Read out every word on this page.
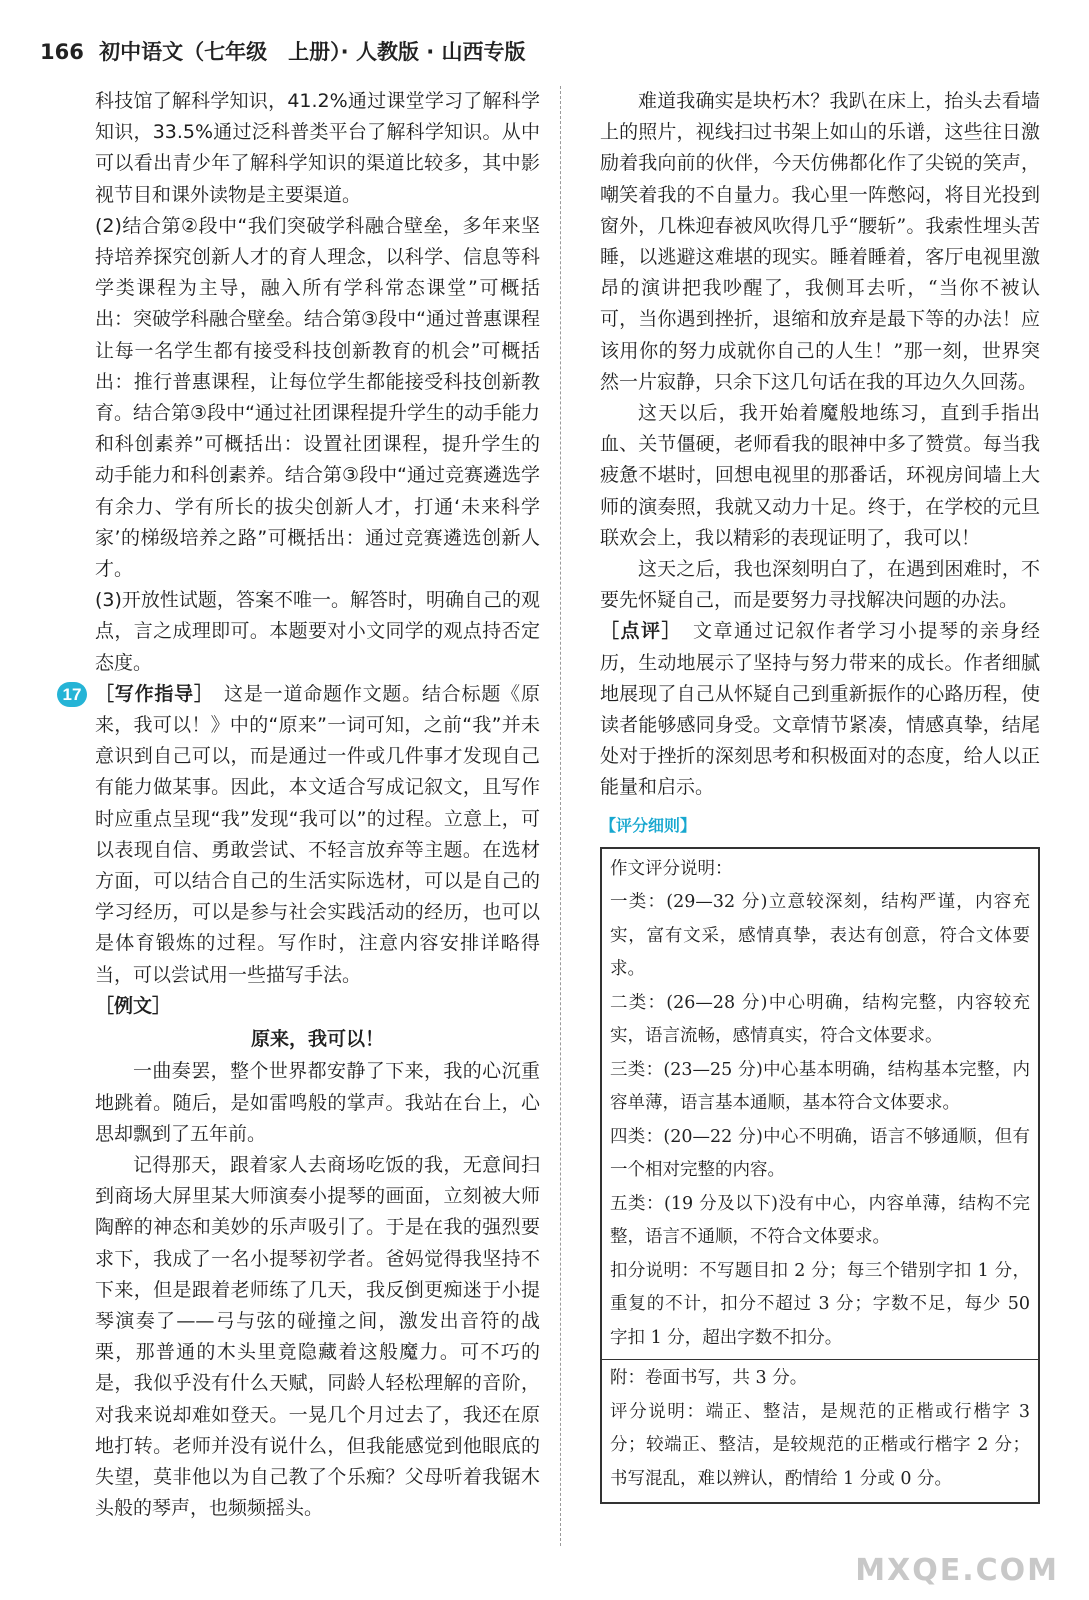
166 初中语文（七年级　上册）· 人教版 · 山西专版

科技馆了解科学知识，41.2%通过课堂学习了解科学知识，33.5%通过泛科普类平台了解科学知识。从中可以看出青少年了解科学知识的渠道比较多，其中影视节目和课外读物是主要渠道。

(2)结合第②段中“我们突破学科融合壁垒，多年来坚持培养探究创新人才的育人理念，以科学、信息等科学类课程为主导，融入所有学科常态课堂”可概括出：突破学科融合壁垒。结合第③段中“通过普惠课程让每一名学生都有接受科技创新教育的机会”可概括出：推行普惠课程，让每位学生都能接受科技创新教育。结合第③段中“通过社团课程提升学生的动手能力和科创素养”可概括出：设置社团课程，提升学生的动手能力和科创素养。结合第③段中“通过竞赛遴选学有余力、学有所长的拔尖创新人才，打通‘未来科学家’的梯级培养之路”可概括出：通过竞赛遴选创新人才。

(3)开放性试题，答案不唯一。解答时，明确自己的观点，言之成理即可。本题要对小文同学的观点持否定态度。

17 ［写作指导］　这是一道命题作文题。结合标题《原来，我可以！》中的“原来”一词可知，之前“我”并未意识到自己可以，而是通过一件或几件事才发现自己有能力做某事。因此，本文适合写成记叙文，且写作时应重点呈现“我”发现“我可以”的过程。立意上，可以表现自信、勇敢尝试、不轻言放弃等主题。在选材方面，可以结合自己的生活实际选材，可以是自己的学习经历，可以是参与社会实践活动的经历，也可以是体育锻炼的过程。写作时，注意内容安排详略得当，可以尝试用一些描写手法。

［例文］

原来，我可以！

一曲奏罢，整个世界都安静了下来，我的心沉重地跳着。随后，是如雷鸣般的掌声。我站在台上，心思却飘到了五年前。

记得那天，跟着家人去商场吃饭的我，无意间扫到商场大屏里某大师演奏小提琴的画面，立刻被大师陶醉的神态和美妙的乐声吸引了。于是在我的强烈要求下，我成了一名小提琴初学者。爸妈觉得我坚持不下来，但是跟着老师练了几天，我反倒更痴迷于小提琴演奏了——弓与弦的碰撞之间，激发出音符的战栗，那普通的木头里竟隐藏着这般魔力。可不巧的是，我似乎没有什么天赋，同龄人轻松理解的音阶，对我来说却难如登天。一晃几个月过去了，我还在原地打转。老师并没有说什么，但我能感觉到他眼底的失望，莫非他以为自己教了个乐痴？父母听着我锯木头般的琴声，也频频摇头。

难道我确实是块朽木？我趴在床上，抬头去看墙上的照片，视线扫过书架上如山的乐谱，这些往日激励着我向前的伙伴，今天仿佛都化作了尖锐的笑声，嘲笑着我的不自量力。我心里一阵憋闷，将目光投到窗外，几株迎春被风吹得几乎“腰斩”。我索性埋头苦睡，以逃避这难堪的现实。睡着睡着，客厅电视里激昂的演讲把我吵醒了，我侧耳去听，“当你不被认可，当你遇到挫折，退缩和放弃是最下等的办法！应该用你的努力成就你自己的人生！”那一刻，世界突然一片寂静，只余下这几句话在我的耳边久久回荡。

这天以后，我开始着魔般地练习，直到手指出血、关节僵硬，老师看我的眼神中多了赞赏。每当我疲惫不堪时，回想电视里的那番话，环视房间墙上大师的演奏照，我就又动力十足。终于，在学校的元旦联欢会上，我以精彩的表现证明了，我可以！

这天之后，我也深刻明白了，在遇到困难时，不要先怀疑自己，而是要努力寻找解决问题的办法。

［点评］　文章通过记叙作者学习小提琴的亲身经历，生动地展示了坚持与努力带来的成长。作者细腻地展现了自己从怀疑自己到重新振作的心路历程，使读者能够感同身受。文章情节紧凑，情感真挚，结尾处对于挫折的深刻思考和积极面对的态度，给人以正能量和启示。

【评分细则】

作文评分说明：

一类：(29—32 分)立意较深刻，结构严谨，内容充实，富有文采，感情真挚，表达有创意，符合文体要求。

二类：(26—28 分)中心明确，结构完整，内容较充实，语言流畅，感情真实，符合文体要求。

三类：(23—25 分)中心基本明确，结构基本完整，内容单薄，语言基本通顺，基本符合文体要求。

四类：(20—22 分)中心不明确，语言不够通顺，但有一个相对完整的内容。

五类：(19 分及以下)没有中心，内容单薄，结构不完整，语言不通顺，不符合文体要求。

扣分说明：不写题目扣 2 分；每三个错别字扣 1 分，重复的不计，扣分不超过 3 分；字数不足，每少 50 字扣 1 分，超出字数不扣分。

附：卷面书写，共 3 分。

评分说明：端正、整洁，是规范的正楷或行楷字 3 分；较端正、整洁，是较规范的正楷或行楷字 2 分；书写混乱，难以辨认，酌情给 1 分或 0 分。

MXQE.COM
